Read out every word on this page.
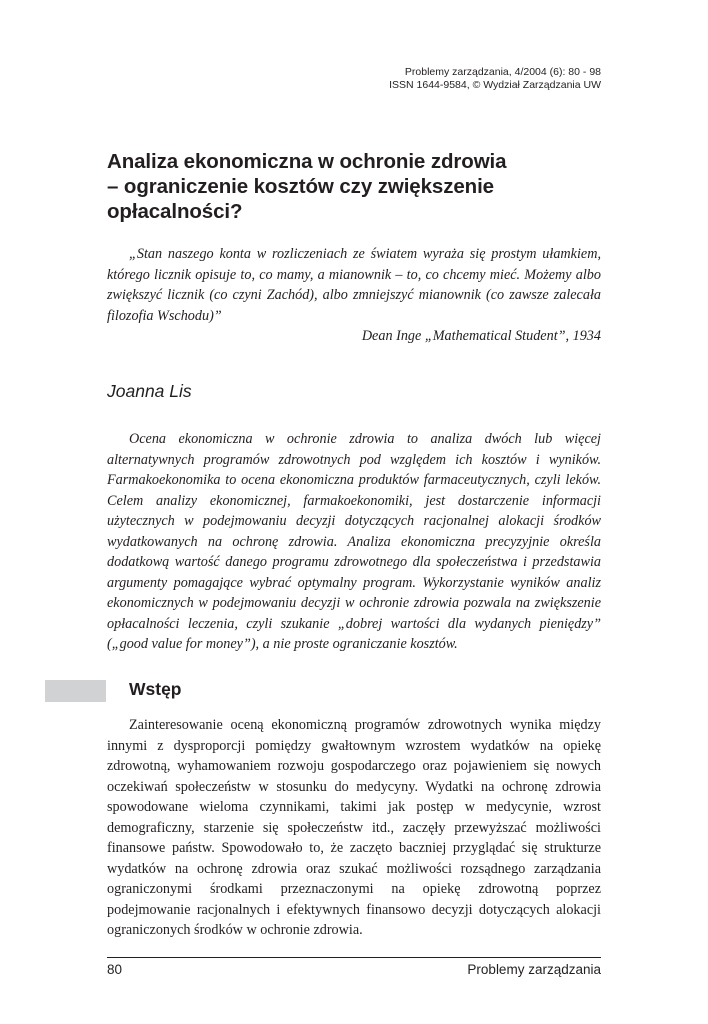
Problemy zarządzania, 4/2004 (6): 80 - 98
ISSN 1644-9584, © Wydział Zarządzania UW
Analiza ekonomiczna w ochronie zdrowia
– ograniczenie kosztów czy zwiększenie
opłacalności?

„Stan naszego konta w rozliczeniach ze światem wyraża się prostym ułamkiem, którego licznik opisuje to, co mamy, a mianownik – to, co chcemy mieć. Możemy albo zwiększyć licznik (co czyni Zachód), albo zmniejszyć mianownik (co zawsze zalecała filozofia Wschodu)”

Dean Inge „Mathematical Student”, 1934

Joanna Lis

Ocena ekonomiczna w ochronie zdrowia to analiza dwóch lub więcej alternatywnych programów zdrowotnych pod względem ich kosztów i wyników. Farmakoekonomika to ocena ekonomiczna produktów farmaceutycznych, czyli leków. Celem analizy ekonomicznej, farmakoekonomiki, jest dostarczenie informacji użytecznych w podejmowaniu decyzji dotyczących racjonalnej alokacji środków wydatkowanych na ochronę zdrowia. Analiza ekonomiczna precyzyjnie określa dodatkową wartość danego programu zdrowotnego dla społeczeństwa i przedstawia argumenty pomagające wybrać optymalny program. Wykorzystanie wyników analiz ekonomicznych w podejmowaniu decyzji w ochronie zdrowia pozwala na zwiększenie opłacalności leczenia, czyli szukanie „dobrej wartości dla wydanych pieniędzy” („good value for money”), a nie proste ograniczanie kosztów.

Wstęp

Zainteresowanie oceną ekonomiczną programów zdrowotnych wynika między innymi z dysproporcji pomiędzy gwałtownym wzrostem wydatków na opiekę zdrowotną, wyhamowaniem rozwoju gospodarczego oraz pojawieniem się nowych oczekiwań społeczeństw w stosunku do medycyny. Wydatki na ochronę zdrowia spowodowane wieloma czynnikami, takimi jak postęp w medycynie, wzrost demograficzny, starzenie się społeczeństw itd., zaczęły przewyższać możliwości finansowe państw. Spowodowało to, że zaczęto baczniej przyglądać się strukturze wydatków na ochronę zdrowia oraz szukać możliwości rozsądnego zarządzania ograniczonymi środkami przeznaczonymi na opiekę zdrowotną poprzez podejmowanie racjonalnych i efektywnych finansowo decyzji dotyczących alokacji ograniczonych środków w ochronie zdrowia.

80	Problemy zarządzania
